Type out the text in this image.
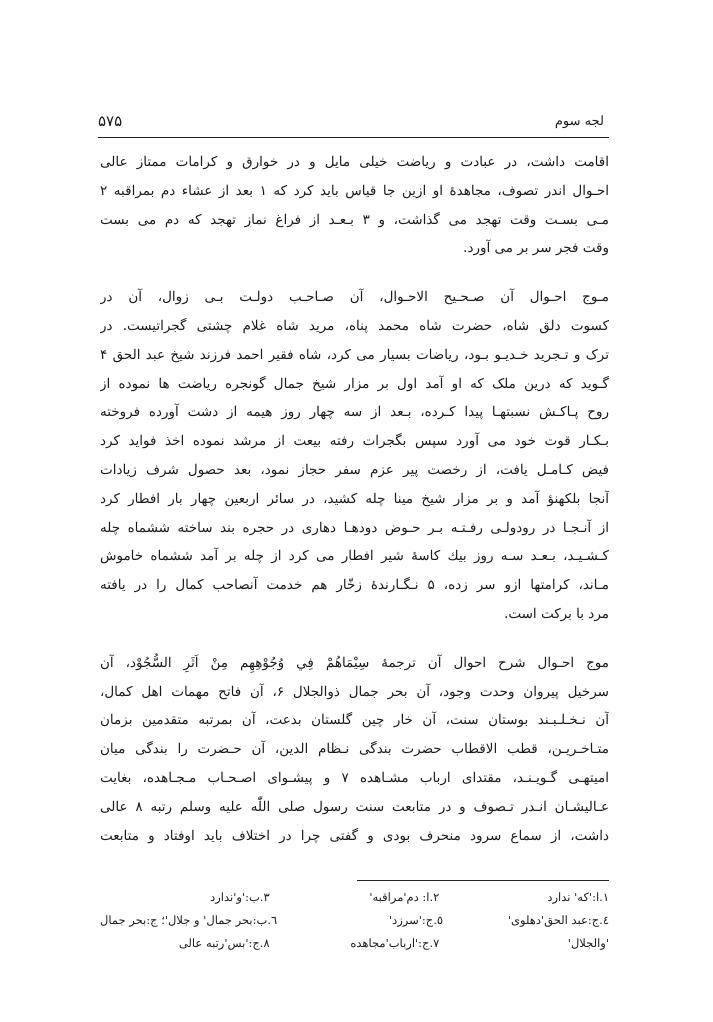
۵٧۵	لجه سوم
اقامت داشت، در عبادت و ریاضت خیلی مایل و در خوارق و کرامات ممتاز عالی
احـوال اندر تصوف، مجاهدهٔ او ازین جا قیاس باید کرد که ۱ بعد از عشاء دم بمراقبه ۲
مـی بسـت وقت تهجد می گذاشت، و ۳ بـعـد از فراغ نماز تهجد که دم می بست
وقت فجر سر بر می آورد.
مـوج احـوال آن صـحـیح الاحـوال، آن صـاحـب دولـت بـی زوال، آن در
کسوت دلق شاه، حضرت شاه محمد پناه، مرید شاه غلام چشتی گجراتیست. در
ترک و تـجرید خـدیـو بـود، ریاضات بسیار می کرد، شاه فقیر احمد فرزند شیخ عبد الحق ۴
گـوید که درین ملک که او آمد اول بر مزار شیخ جمال گونجره ریاضت ها نموده از
روح پـاکـش نسبتهـا پیدا کـرده، بـعد از سه چهار روز هیمه از دشت آورده فروخته
بـکـار قوت خود می آورد سپس بگجرات رفته بیعت از مرشد نموده اخذ فواید کرد
فیض کـامـل یافت، از رخصت پیر عزم سفر حجاز نمود، بعد حصول شرف زیادات
آنجا بلکهنؤ آمد و بر مزار شیخ مینا چله کشید، در سائر اربعین چهار بار افطار کرد
از آنـجـا در رودولـی رفـتـه بـر حـوض دودهـا دهاری در حجره بند ساخته ششماه چله
کـشـیـد، بـعـد سـه روز بیك کاسهٔ شیر افطار می کرد از چله بر آمد ششماه خاموش
مـاند، کرامتها ازو سر زده، ۵ نـگـارندهٔ زخّار هم خدمت آنصاحب کمال را در یافته
مرد با برکت است.
موج احـوال شرح احوال آن ترجمهٔ سِيْمَاهُمْ فِي وُجُوْهِهِم مِنْ اَثَرِ السُّجُوْد، آن
سرخیل پیروان وحدت وجود، آن بحر جمال ذوالجلال ۶، آن فاتح مهمات اهل کمال،
آن نـخـلـبـند بوستان سنت، آن خار چین گلستان بدعت، آن بمرتبه متقدمین بزمان
متـاخـریـن، قطب الاقطاب حضرت بندگی نـظام الدین، آن حـضرت را بندگی میان
امیتهـی گـویـنـد، مقتدای ارباب مشـاهده ۷ و پیشـوای اصـحـاب مـجـاهده، بغایت
عـالیشـان انـدر تـصوف و در متابعت سنت رسول صلی اللّٰه علیه وسلم رتبه ۸ عالی
داشت، از سماع سرود منحرف بودی و گفتی چرا در اختلاف باید اوفتاد و متابعت
۱.ا:'که' ندارد
۲.ا: دم'مراقبه'
۳.ب:'و'ندارد
٤.ج:عبد الحق'دهلوی'
٥.ج:'سرزد'
٦.ب:بحر جمال' و جلال'؛ ج:بحر جمال
'والجلال'
٧.ج:'ارباب'مجاهده
٨.ج:'بس'رتبه عالی
